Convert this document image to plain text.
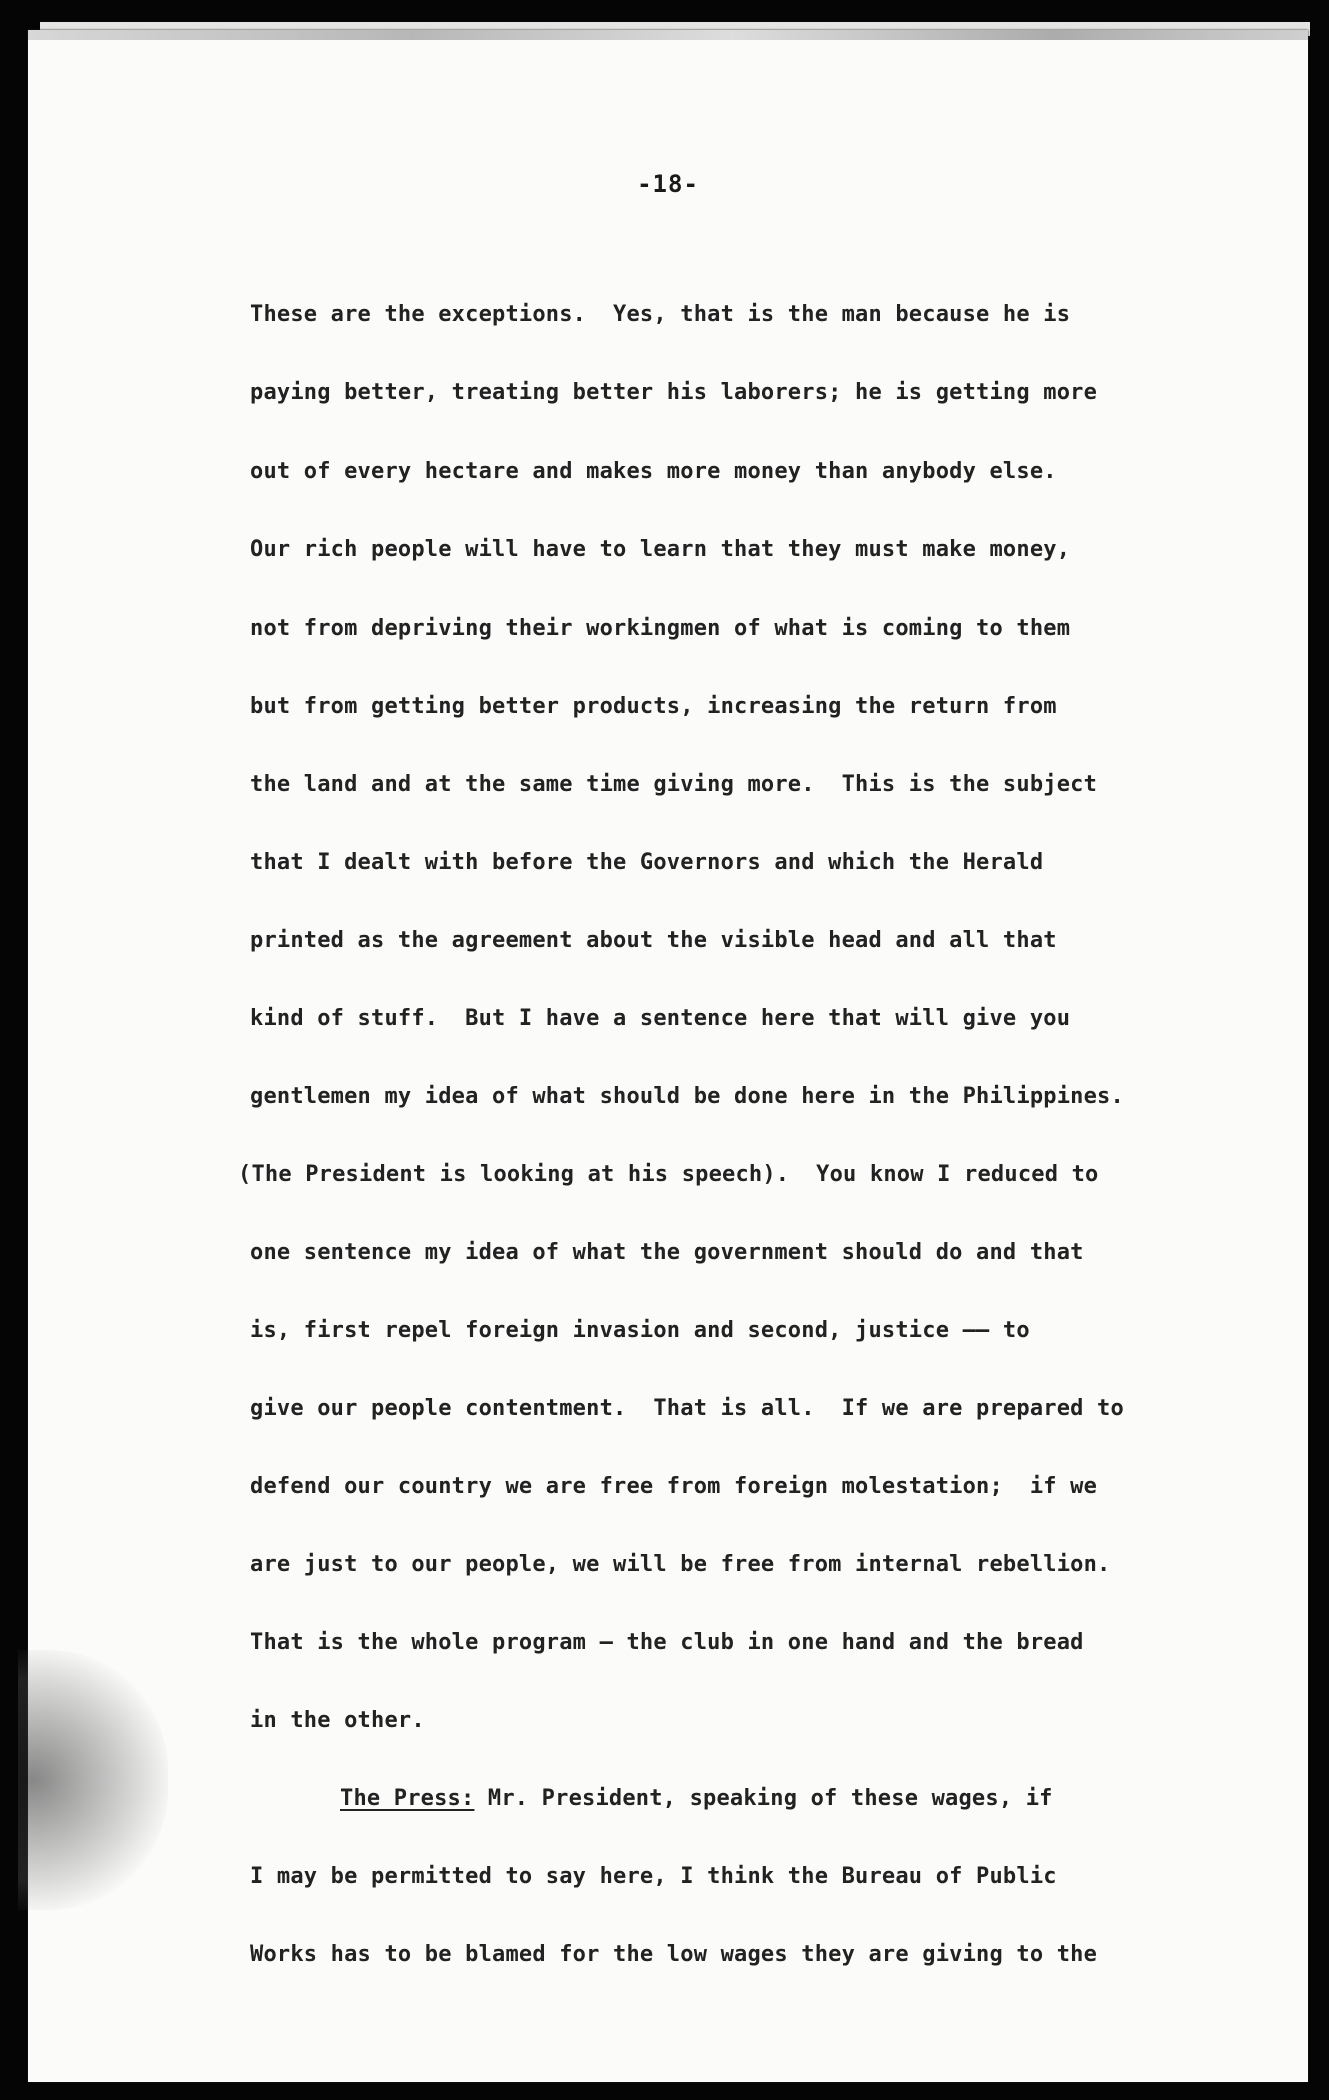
-18-
These are the exceptions.  Yes, that is the man because he is
paying better, treating better his laborers; he is getting more
out of every hectare and makes more money than anybody else.
Our rich people will have to learn that they must make money,
not from depriving their workingmen of what is coming to them
but from getting better products, increasing the return from
the land and at the same time giving more.  This is the subject
that I dealt with before the Governors and which the Herald
printed as the agreement about the visible head and all that
kind of stuff.  But I have a sentence here that will give you
gentlemen my idea of what should be done here in the Philippines.
(The President is looking at his speech).  You know I reduced to
one sentence my idea of what the government should do and that
is, first repel foreign invasion and second, justice —— to
give our people contentment.  That is all.  If we are prepared to
defend our country we are free from foreign molestation;  if we
are just to our people, we will be free from internal rebellion.
That is the whole program — the club in one hand and the bread
in the other.
The Press: Mr. President, speaking of these wages, if
I may be permitted to say here, I think the Bureau of Public
Works has to be blamed for the low wages they are giving to the
